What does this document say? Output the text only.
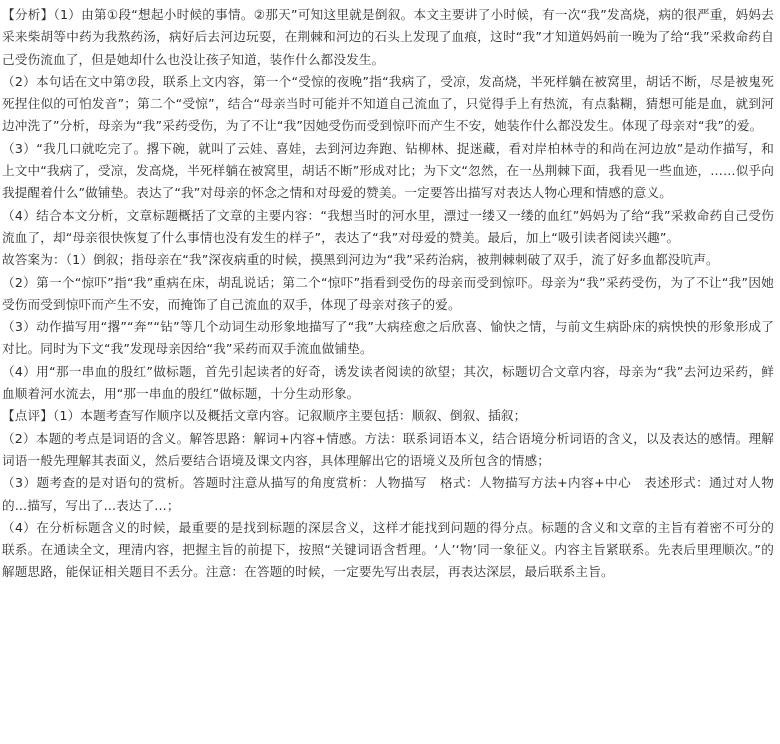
【分析】（1）由第①段“想起小时候的事情。②那天”可知这里就是倒叙。本文主要讲了小时候，有一次“我”发高烧，病的很严重，妈妈去采来柴胡等中药为我熬药汤，病好后去河边玩耍，在荆棘和河边的石头上发现了血痕，这时“我”才知道妈妈前一晚为了给“我”采救命药自己受伤流血了，但是她却什么也没让孩子知道，装作什么都没发生。

（2）本句话在文中第⑦段，联系上文内容，第一个“受惊的夜晚”指“我病了，受凉，发高烧，半死样躺在被窝里，胡话不断，尽是被鬼死死捏住似的可怕发音”；第二个“受惊”，结合“母亲当时可能并不知道自己流血了，只觉得手上有热流，有点黏糊，猜想可能是血，就到河边冲洗了”分析，母亲为“我”采药受伤，为了不让“我”因她受伤而受到惊吓而产生不安，她装作什么都没发生。体现了母亲对“我”的爱。

（3）“我几口就吃完了。撂下碗，就叫了云娃、喜娃，去到河边奔跑、钻柳林、捉迷藏，看对岸柏林寺的和尚在河边放”是动作描写，和上文中“我病了，受凉，发高烧，半死样躺在被窝里，胡话不断”形成对比；为下文“忽然，在一丛荆棘下面，我看见一些血迹，……似乎向我提醒着什么”做铺垫。表达了“我”对母亲的怀念之情和对母爱的赞美。一定要答出描写对表达人物心理和情感的意义。

（4）结合本文分析，文章标题概括了文章的主要内容：“我想当时的河水里，漂过一缕又一缕的血红”妈妈为了给“我”采救命药自己受伤流血了，却“母亲很快恢复了什么事情也没有发生的样子”，表达了“我”对母爱的赞美。最后，加上“吸引读者阅读兴趣”。

故答案为：（1）倒叙；指母亲在“我”深夜病重的时候，摸黑到河边为“我”采药治病，被荆棘刺破了双手，流了好多血都没吭声。

（2）第一个“惊吓”指“我”重病在床，胡乱说话；第二个“惊吓”指看到受伤的母亲而受到惊吓。母亲为“我”采药受伤，为了不让“我”因她受伤而受到惊吓而产生不安，而掩饰了自己流血的双手，体现了母亲对孩子的爱。

（3）动作描写用“撂”“奔”“钻”等几个动词生动形象地描写了“我”大病痊愈之后欣喜、愉快之情，与前文生病卧床的病怏怏的形象形成了对比。同时为下文“我”发现母亲因给“我”采药而双手流血做铺垫。

（4）用“那一串血的殷红”做标题，首先引起读者的好奇，诱发读者阅读的欲望；其次，标题切合文章内容，母亲为“我”去河边采药，鲜血顺着河水流去，用“那一串血的殷红”做标题，十分生动形象。

【点评】（1）本题考查写作顺序以及概括文章内容。记叙顺序主要包括：顺叙、倒叙、插叙；

（2）本题的考点是词语的含义。解答思路：解词+内容+情感。方法：联系词语本义，结合语境分析词语的含义，以及表达的感情。理解词语一般先理解其表面义，然后要结合语境及课文内容，具体理解出它的语境义及所包含的情感；

（3）题考查的是对语句的赏析。答题时注意从描写的角度赏析：人物描写　格式：人物描写方法+内容+中心　表述形式：通过对人物的...描写，写出了...表达了...；

（4）在分析标题含义的时候，最重要的是找到标题的深层含义，这样才能找到问题的得分点。标题的含义和文章的主旨有着密不可分的联系。在通读全文，理清内容，把握主旨的前提下，按照“关键词语含哲理。‘人’‘物’同一象征义。内容主旨紧联系。先表后里理顺次。”的解题思路，能保证相关题目不丢分。注意：在答题的时候，一定要先写出表层，再表达深层，最后联系主旨。
